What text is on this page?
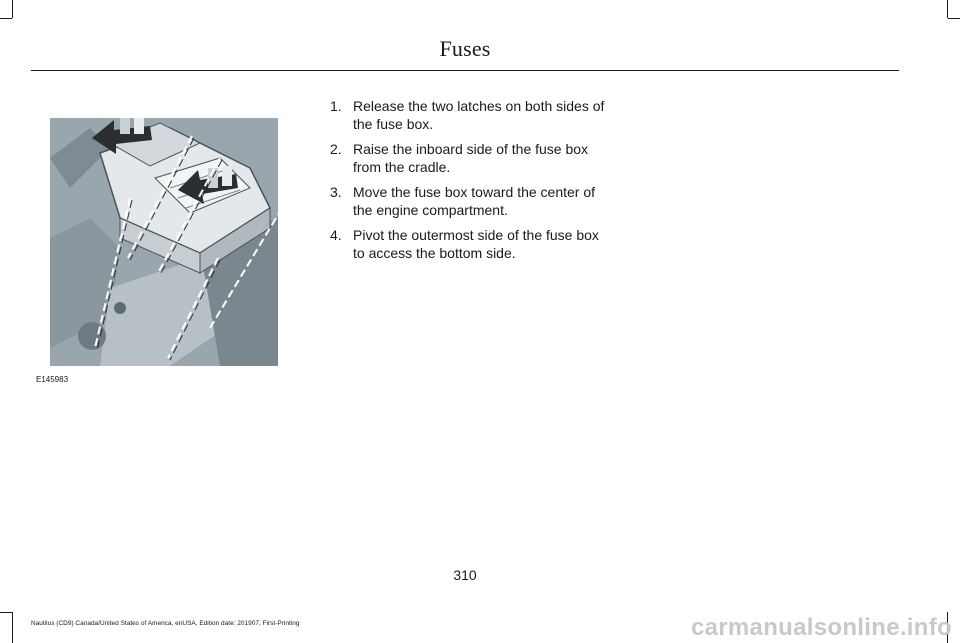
Fuses
E145983
1. Release the two latches on both sides of the fuse box.
2. Raise the inboard side of the fuse box from the cradle.
3. Move the fuse box toward the center of the engine compartment.
4. Pivot the outermost side of the fuse box to access the bottom side.
310
Nautilus (CD9) Canada/United States of America, enUSA, Edition date: 201907, First-Printing	carmanualsonline.info
